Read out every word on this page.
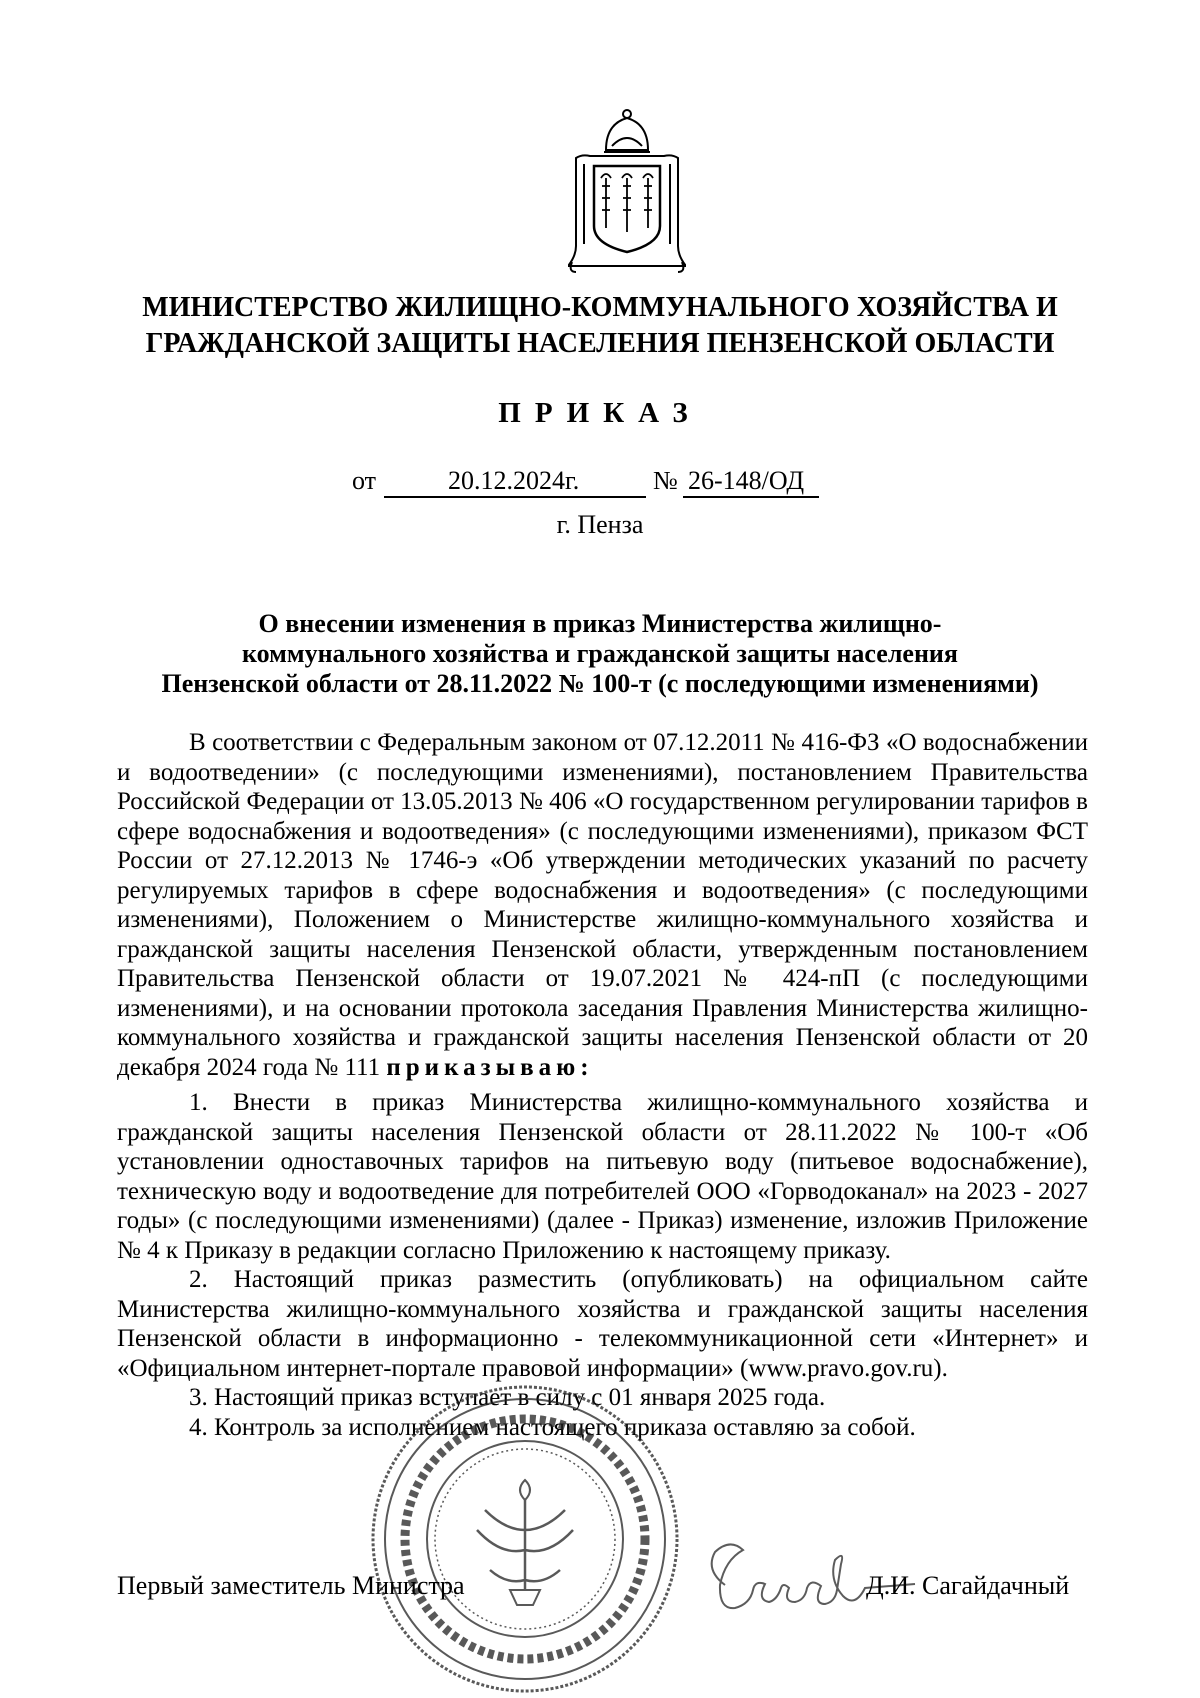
МИНИСТЕРСТВО ЖИЛИЩНО-КОММУНАЛЬНОГО ХОЗЯЙСТВА И
ГРАЖДАНСКОЙ ЗАЩИТЫ НАСЕЛЕНИЯ ПЕНЗЕНСКОЙ ОБЛАСТИ
ПРИКАЗ
от	20.12.2024г.	№ 26-148/ОД
г. Пенза
О внесении изменения в приказ Министерства жилищно-
коммунального хозяйства и гражданской защиты населения
Пензенской области от 28.11.2022 № 100-т (с последующими изменениями)

В соответствии с Федеральным законом от 07.12.2011 № 416-ФЗ «О водоснабжении и водоотведении» (с последующими изменениями), постановлением Правительства Российской Федерации от 13.05.2013 № 406 «О государственном регулировании тарифов в сфере водоснабжения и водоотведения» (с последующими изменениями), приказом ФСТ России от 27.12.2013 № 1746-э «Об утверждении методических указаний по расчету регулируемых тарифов в сфере водоснабжения и водоотведения» (с последующими изменениями), Положением о Министерстве жилищно-коммунального хозяйства и гражданской защиты населения Пензенской области, утвержденным постановлением Правительства Пензенской области от 19.07.2021 № 424-пП (с последующими изменениями), и на основании протокола заседания Правления Министерства жилищно-коммунального хозяйства и гражданской защиты населения Пензенской области от 20 декабря 2024 года № 111 приказываю:

1. Внести в приказ Министерства жилищно-коммунального хозяйства и гражданской защиты населения Пензенской области от 28.11.2022 № 100-т «Об установлении одноставочных тарифов на питьевую воду (питьевое водоснабжение), техническую воду и водоотведение для потребителей ООО «Горводоканал» на 2023 - 2027 годы» (с последующими изменениями) (далее - Приказ) изменение, изложив Приложение № 4 к Приказу в редакции согласно Приложению к настоящему приказу.

2. Настоящий приказ разместить (опубликовать) на официальном сайте Министерства жилищно-коммунального хозяйства и гражданской защиты населения Пензенской области в информационно - телекоммуникационной сети «Интернет» и «Официальном интернет-портале правовой информации» (www.pravo.gov.ru).

3. Настоящий приказ вступает в силу с 01 января 2025 года.

4. Контроль за исполнением настоящего приказа оставляю за собой.

Первый заместитель Министра	Д.И. Сагайдачный
